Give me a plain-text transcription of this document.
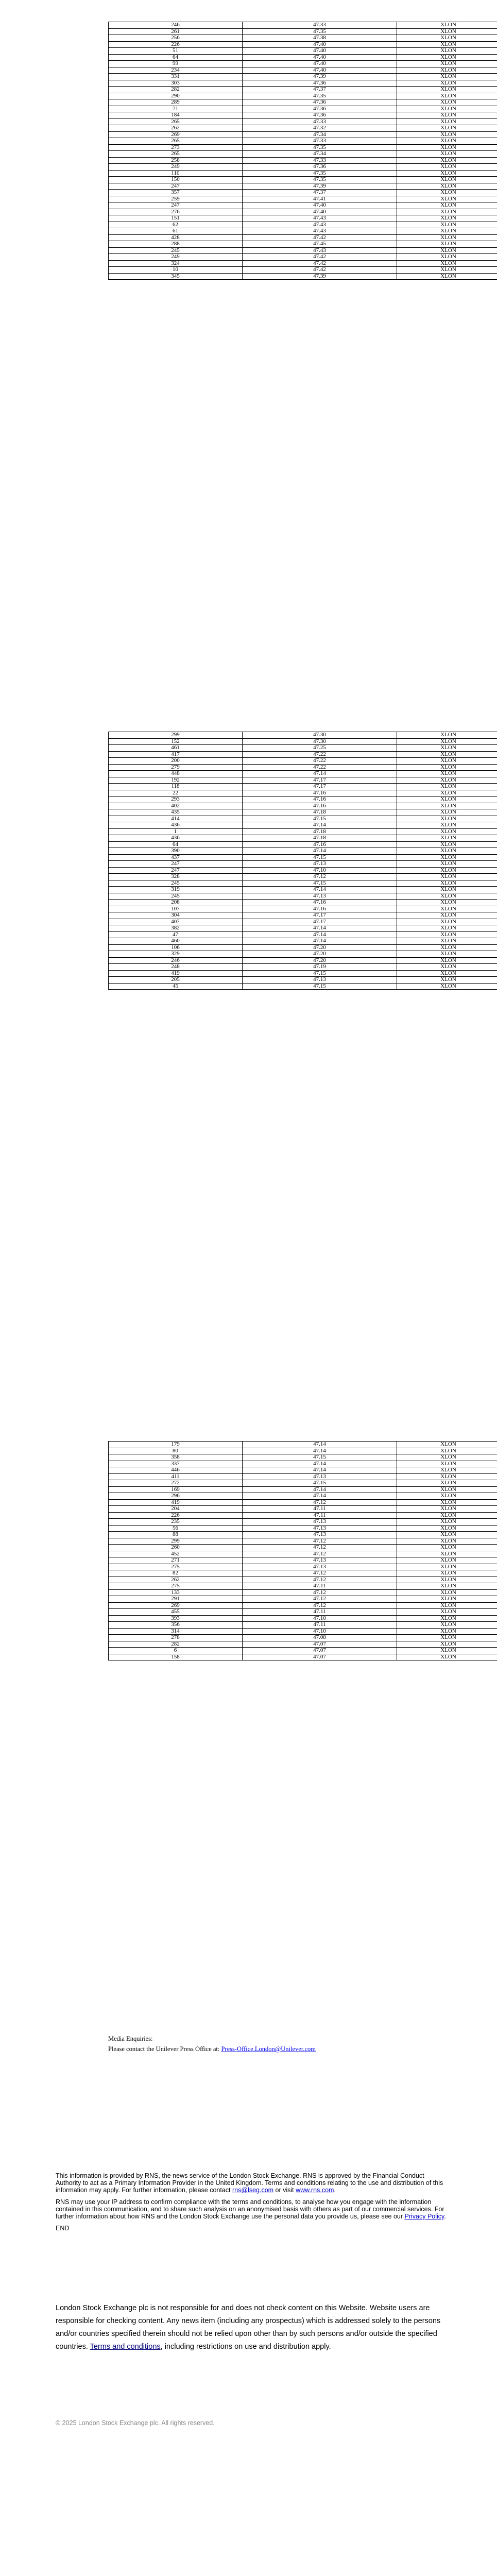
246	47.33	XLON	
261	47.35	XLON	
256	47.38	XLON	
226	47.40	XLON	
51	47.40	XLON	
64	47.40	XLON	
99	47.40	XLON	
234	47.40	XLON	
331	47.39	XLON	
303	47.36	XLON	
282	47.37	XLON	
290	47.35	XLON	
289	47.36	XLON	
71	47.36	XLON	
184	47.36	XLON	
265	47.33	XLON	
262	47.32	XLON	
269	47.34	XLON	
265	47.33	XLON	
273	47.35	XLON	
265	47.34	XLON	
258	47.33	XLON	
249	47.36	XLON	
110	47.35	XLON	
150	47.35	XLON	
247	47.39	XLON	
357	47.37	XLON	
259	47.41	XLON	
247	47.40	XLON	
276	47.40	XLON	
151	47.43	XLON	
62	47.43	XLON	
61	47.43	XLON	
428	47.42	XLON	
288	47.45	XLON	
245	47.43	XLON	
249	47.42	XLON	
324	47.42	XLON	
10	47.42	XLON	
345	47.39	XLON	
299	47.30	XLON	
152	47.30	XLON	
461	47.25	XLON	
417	47.22	XLON	
200	47.22	XLON	
279	47.22	XLON	
448	47.14	XLON	
192	47.17	XLON	
118	47.17	XLON	
22	47.16	XLON	
293	47.16	XLON	
402	47.16	XLON	
435	47.18	XLON	
414	47.15	XLON	
436	47.14	XLON	
1	47.18	XLON	
436	47.18	XLON	
64	47.16	XLON	
390	47.14	XLON	
437	47.15	XLON	
247	47.13	XLON	
247	47.10	XLON	
328	47.12	XLON	
245	47.15	XLON	
319	47.14	XLON	
245	47.13	XLON	
208	47.16	XLON	
107	47.16	XLON	
304	47.17	XLON	
407	47.17	XLON	
382	47.14	XLON	
47	47.14	XLON	
460	47.14	XLON	
106	47.20	XLON	
329	47.20	XLON	
246	47.20	XLON	
248	47.19	XLON	
419	47.15	XLON	
205	47.13	XLON	
45	47.15	XLON	
179	47.14	XLON	
80	47.14	XLON	
358	47.15	XLON	
337	47.14	XLON	
446	47.14	XLON	
411	47.13	XLON	
272	47.15	XLON	
169	47.14	XLON	
296	47.14	XLON	
419	47.12	XLON	
204	47.11	XLON	
226	47.11	XLON	
235	47.13	XLON	
56	47.13	XLON	
88	47.13	XLON	
299	47.12	XLON	
260	47.12	XLON	
452	47.12	XLON	
271	47.13	XLON	
275	47.13	XLON	
82	47.12	XLON	
262	47.12	XLON	
275	47.11	XLON	
133	47.12	XLON	
291	47.12	XLON	
269	47.12	XLON	
455	47.11	XLON	
393	47.10	XLON	
356	47.11	XLON	
314	47.10	XLON	
278	47.08	XLON	
282	47.07	XLON	
6	47.07	XLON	
158	47.07	XLON	
Media Enquiries:
Please contact the Unilever Press Office at: Press-Office.London@Unilever.com

This information is provided by RNS, the news service of the London Stock Exchange. RNS is approved by the Financial Conduct Authority to act as a Primary Information Provider in the United Kingdom. Terms and conditions relating to the use and distribution of this information may apply. For further information, please contact rns@lseg.com or visit www.rns.com.

RNS may use your IP address to confirm compliance with the terms and conditions, to analyse how you engage with the information contained in this communication, and to share such analysis on an anonymised basis with others as part of our commercial services. For further information about how RNS and the London Stock Exchange use the personal data you provide us, please see our Privacy Policy.

END

London Stock Exchange plc is not responsible for and does not check content on this Website. Website users are responsible for checking content. Any news item (including any prospectus) which is addressed solely to the persons and/or countries specified therein should not be relied upon other than by such persons and/or outside the specified countries. Terms and conditions, including restrictions on use and distribution apply.
© 2025 London Stock Exchange plc. All rights reserved.
